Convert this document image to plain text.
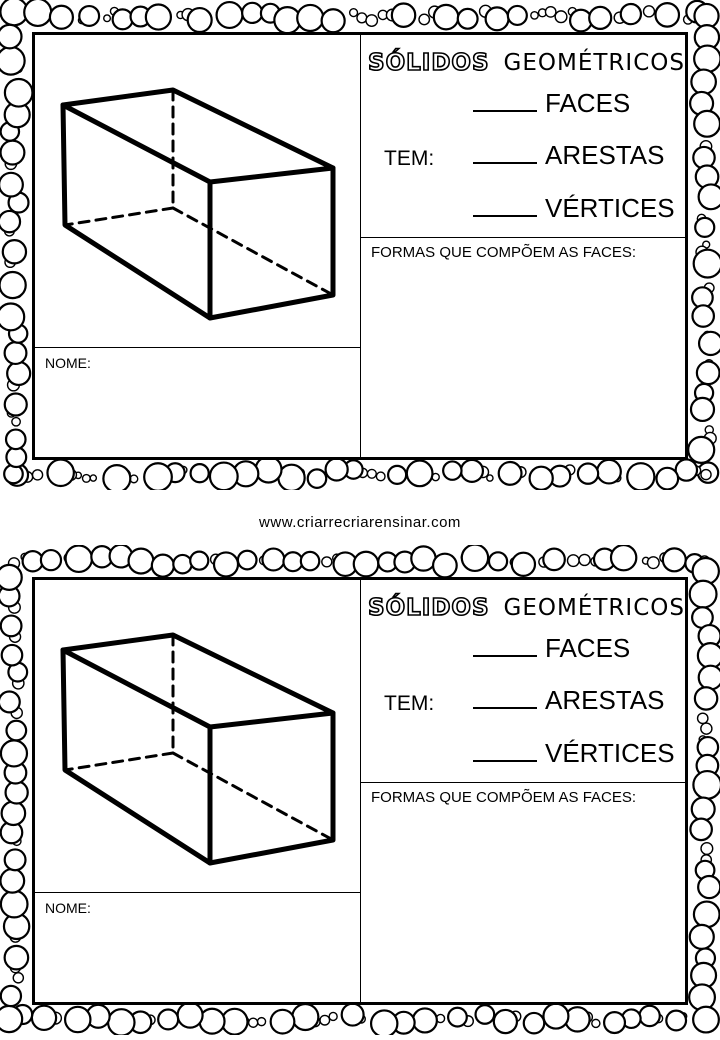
SÓLIDOS GEOMÉTRICOS
TEM:
FACES
ARESTAS
VÉRTICES
FORMAS QUE COMPÕEM AS FACES:
NOME:
www.criarrecriarensinar.com
SÓLIDOS GEOMÉTRICOS
TEM:
FACES
ARESTAS
VÉRTICES
FORMAS QUE COMPÕEM AS FACES:
NOME:
